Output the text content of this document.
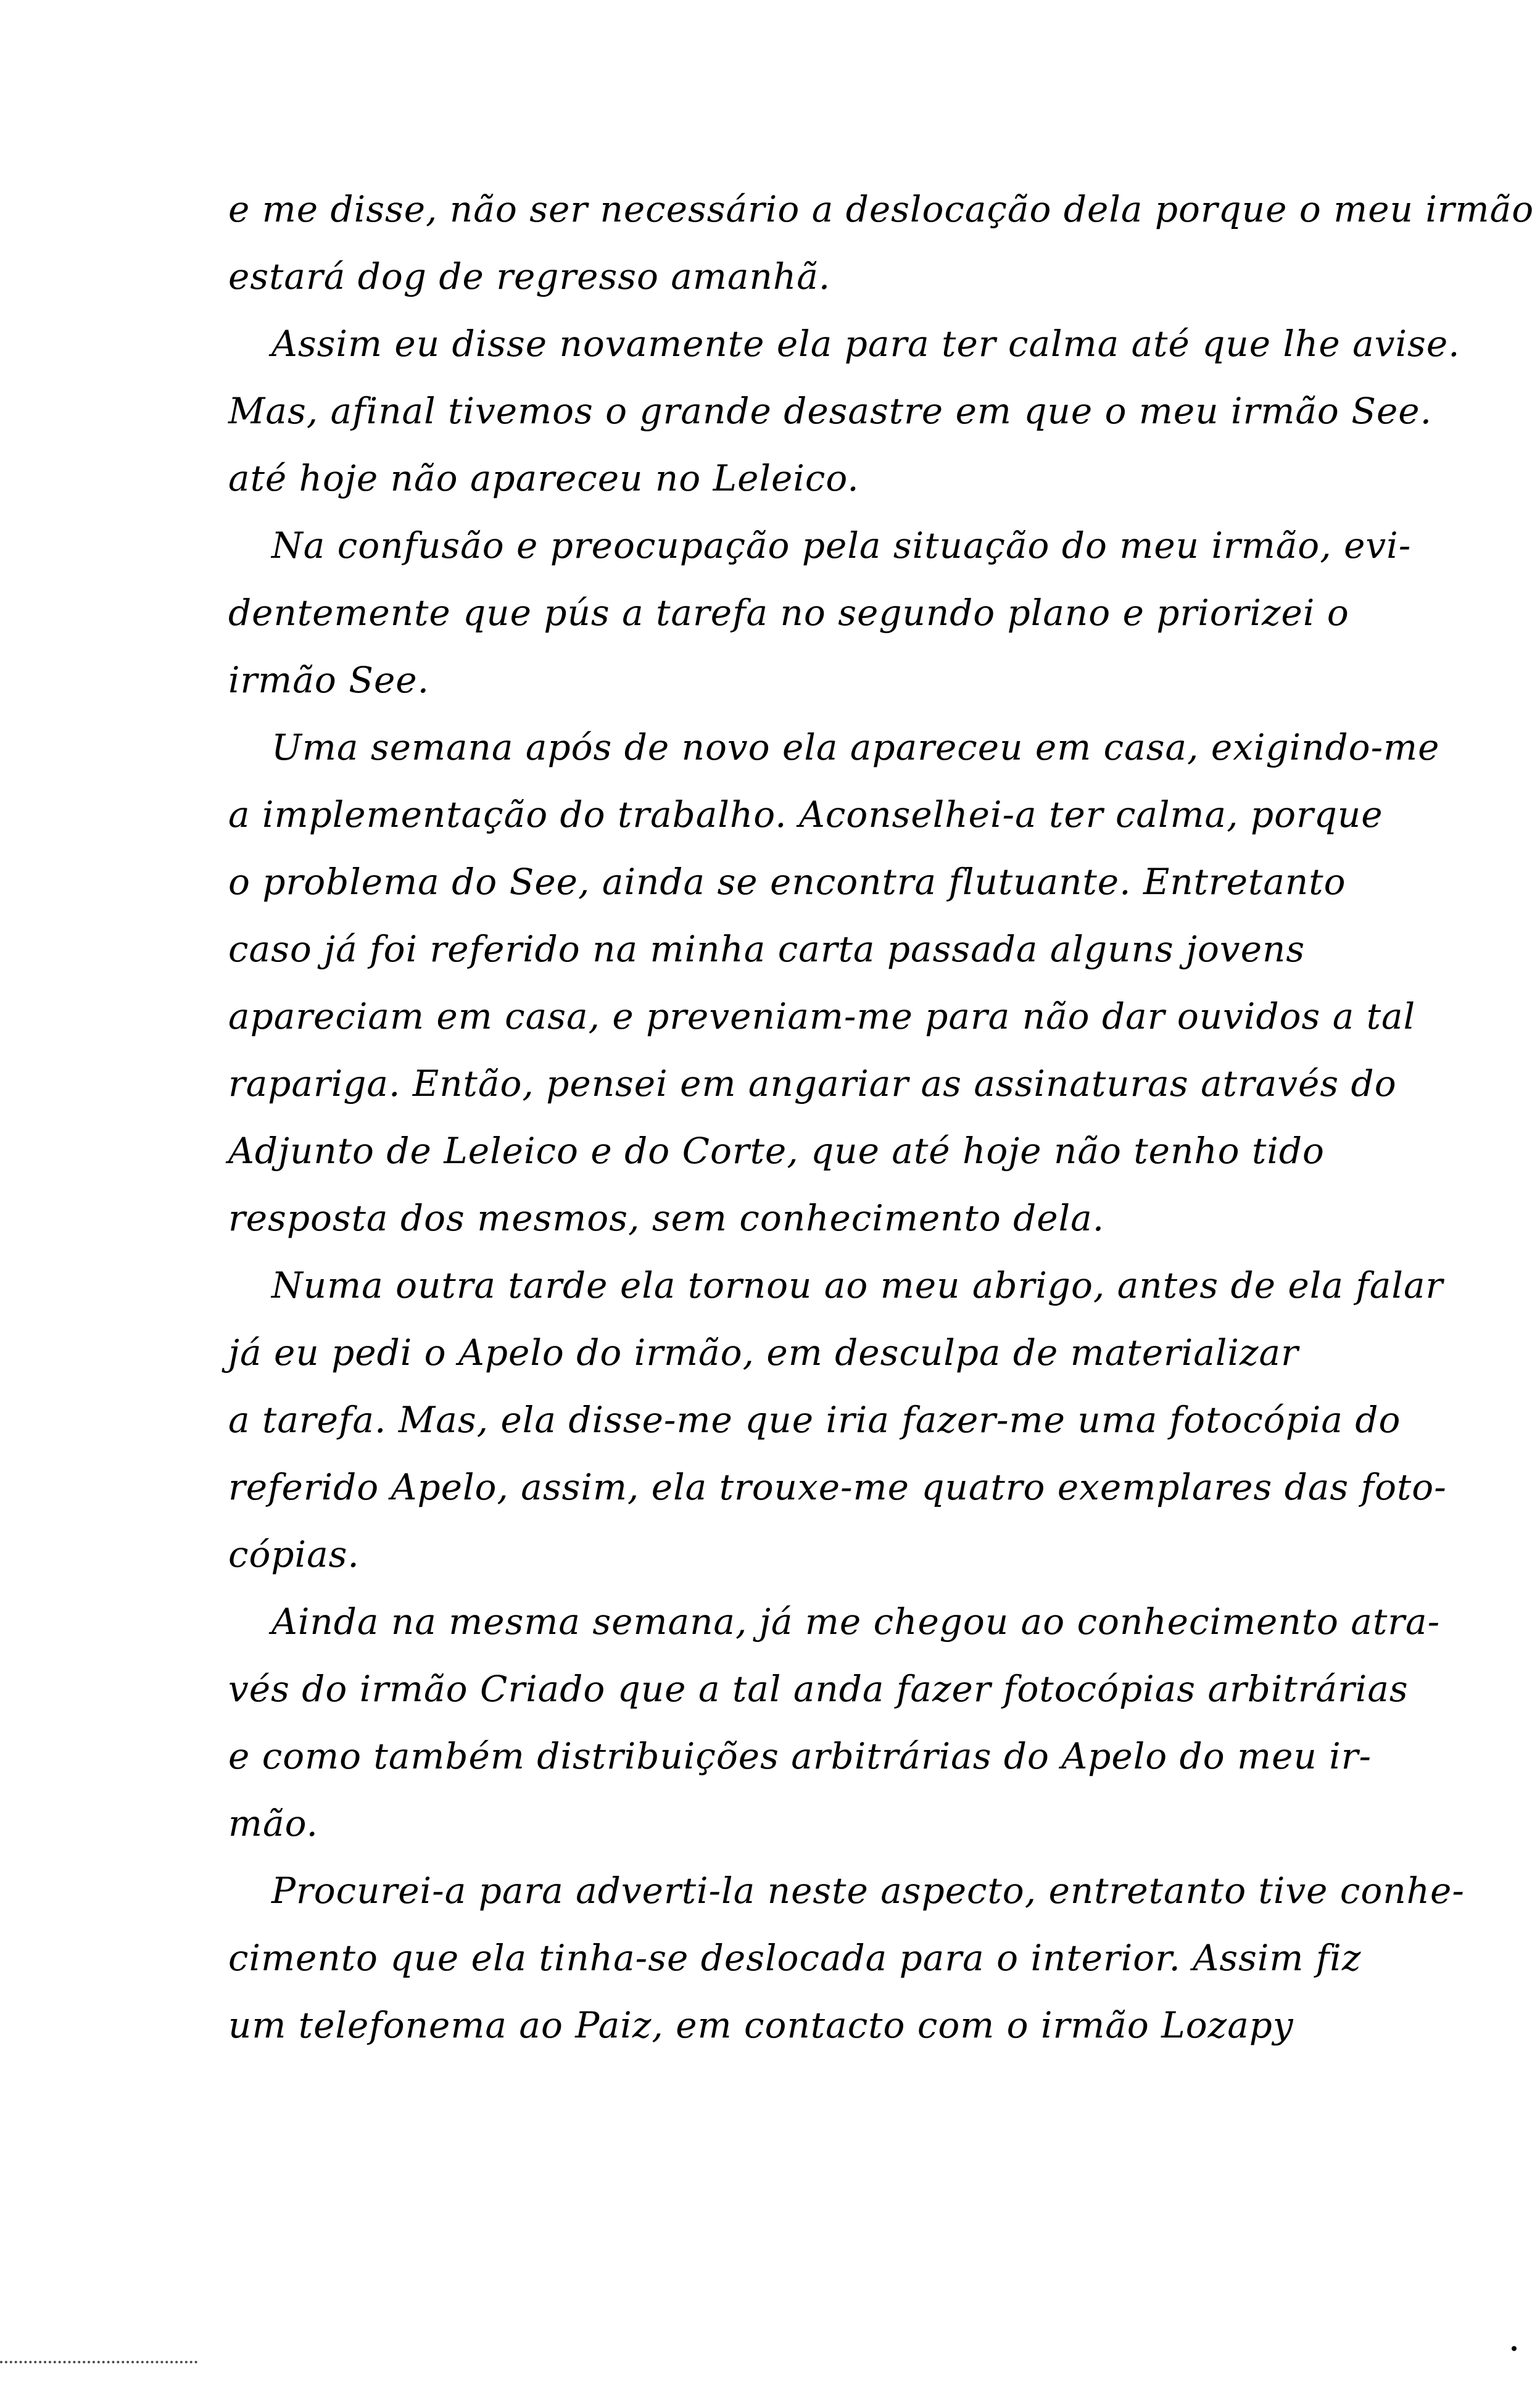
e me disse, não ser necessário a deslocação dela porque o meu irmão
estará dog de regresso amanhã.
Assim eu disse novamente ela para ter calma até que lhe avise.
Mas, afinal tivemos o grande desastre em que o meu irmão See.
até hoje não apareceu no Leleico.
Na confusão e preocupação pela situação do meu irmão, evi-
dentemente que pús a tarefa no segundo plano e priorizei o
irmão See.
Uma semana após de novo ela apareceu em casa, exigindo-me
a implementação do trabalho. Aconselhei-a ter calma, porque
o problema do See, ainda se encontra flutuante. Entretanto
caso já foi referido na minha carta passada alguns jovens
apareciam em casa, e preveniam-me para não dar ouvidos a tal
rapariga. Então, pensei em angariar as assinaturas através do
Adjunto de Leleico e do Corte, que até hoje não tenho tido
resposta dos mesmos, sem conhecimento dela.
Numa outra tarde ela tornou ao meu abrigo, antes de ela falar
já eu pedi o Apelo do irmão, em desculpa de materializar
a tarefa. Mas, ela disse-me que iria fazer-me uma fotocópia do
referido Apelo, assim, ela trouxe-me quatro exemplares das foto-
cópias.
Ainda na mesma semana, já me chegou ao conhecimento atra-
vés do irmão Criado que a tal anda fazer fotocópias arbitrárias
e como também distribuições arbitrárias do Apelo do meu ir-
mão.
Procurei-a para adverti-la neste aspecto, entretanto tive conhe-
cimento que ela tinha-se deslocada para o interior. Assim fiz
um telefonema ao Paiz, em contacto com o irmão Lozapy
